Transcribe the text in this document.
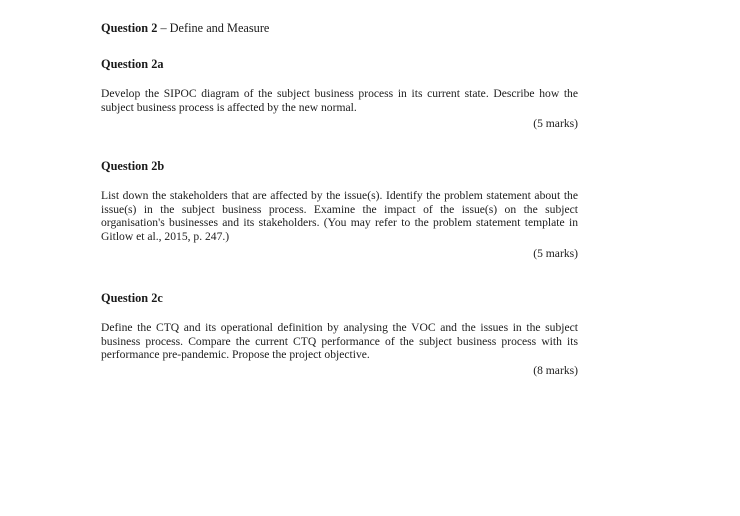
Question 2 – Define and Measure
Question 2a
Develop the SIPOC diagram of the subject business process in its current state. Describe how the subject business process is affected by the new normal.
(5 marks)
Question 2b
List down the stakeholders that are affected by the issue(s). Identify the problem statement about the issue(s) in the subject business process. Examine the impact of the issue(s) on the subject organisation's businesses and its stakeholders. (You may refer to the problem statement template in Gitlow et al., 2015, p. 247.)
(5 marks)
Question 2c
Define the CTQ and its operational definition by analysing the VOC and the issues in the subject business process. Compare the current CTQ performance of the subject business process with its performance pre-pandemic. Propose the project objective.
(8 marks)
